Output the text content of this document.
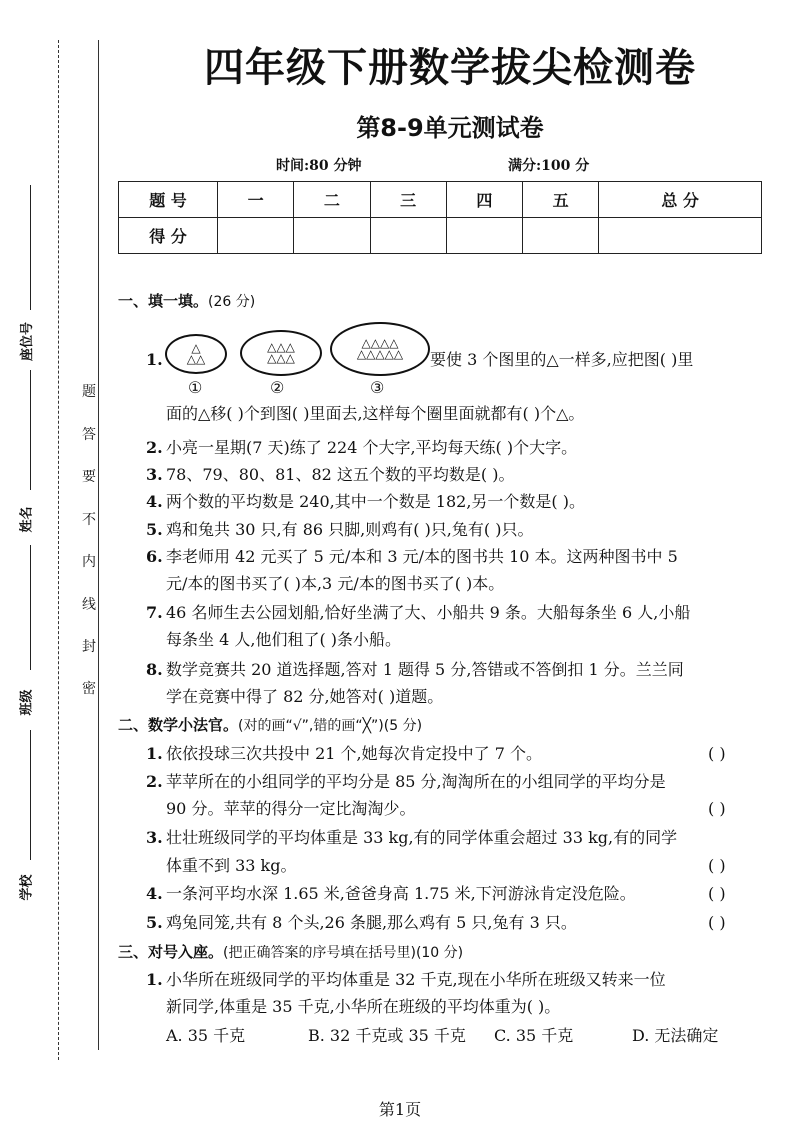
座位号
姓名
班级
学校
题
答
要
不
内
线
封
密
四年级下册数学拔尖检测卷
第8-9单元测试卷
时间:80 分钟	满分:100 分
题 号	一	二	三	四	五	总 分
得 分						
一、填一填。(26 分)
1.
△
△△
△△△
△△△
△△△△
△△△△△
①	②	③
要使 3 个图里的△一样多,应把图( )里
面的△移( )个到图( )里面去,这样每个圈里面就都有( )个△。
2. 小亮一星期(7 天)练了 224 个大字,平均每天练( )个大字。
3. 78、79、80、81、82 这五个数的平均数是( )。
4. 两个数的平均数是 240,其中一个数是 182,另一个数是( )。
5. 鸡和兔共 30 只,有 86 只脚,则鸡有( )只,兔有( )只。
6. 李老师用 42 元买了 5 元/本和 3 元/本的图书共 10 本。这两种图书中 5
元/本的图书买了( )本,3 元/本的图书买了( )本。
7. 46 名师生去公园划船,恰好坐满了大、小船共 9 条。大船每条坐 6 人,小船
每条坐 4 人,他们租了( )条小船。
8. 数学竞赛共 20 道选择题,答对 1 题得 5 分,答错或不答倒扣 1 分。兰兰同
学在竞赛中得了 82 分,她答对( )道题。
二、数学小法官。(对的画“√”,错的画“╳”)(5 分)
1. 依依投球三次共投中 21 个,她每次肯定投中了 7 个。	( )
2. 苹苹所在的小组同学的平均分是 85 分,淘淘所在的小组同学的平均分是
90 分。苹苹的得分一定比淘淘少。	( )
3. 壮壮班级同学的平均体重是 33 kg,有的同学体重会超过 33 kg,有的同学
体重不到 33 kg。	( )
4. 一条河平均水深 1.65 米,爸爸身高 1.75 米,下河游泳肯定没危险。	( )
5. 鸡兔同笼,共有 8 个头,26 条腿,那么鸡有 5 只,兔有 3 只。	( )
三、对号入座。(把正确答案的序号填在括号里)(10 分)
1. 小华所在班级同学的平均体重是 32 千克,现在小华所在班级又转来一位
新同学,体重是 35 千克,小华所在班级的平均体重为( )。
A. 35 千克	B. 32 千克或 35 千克 C. 35 千克	D. 无法确定
第1页
